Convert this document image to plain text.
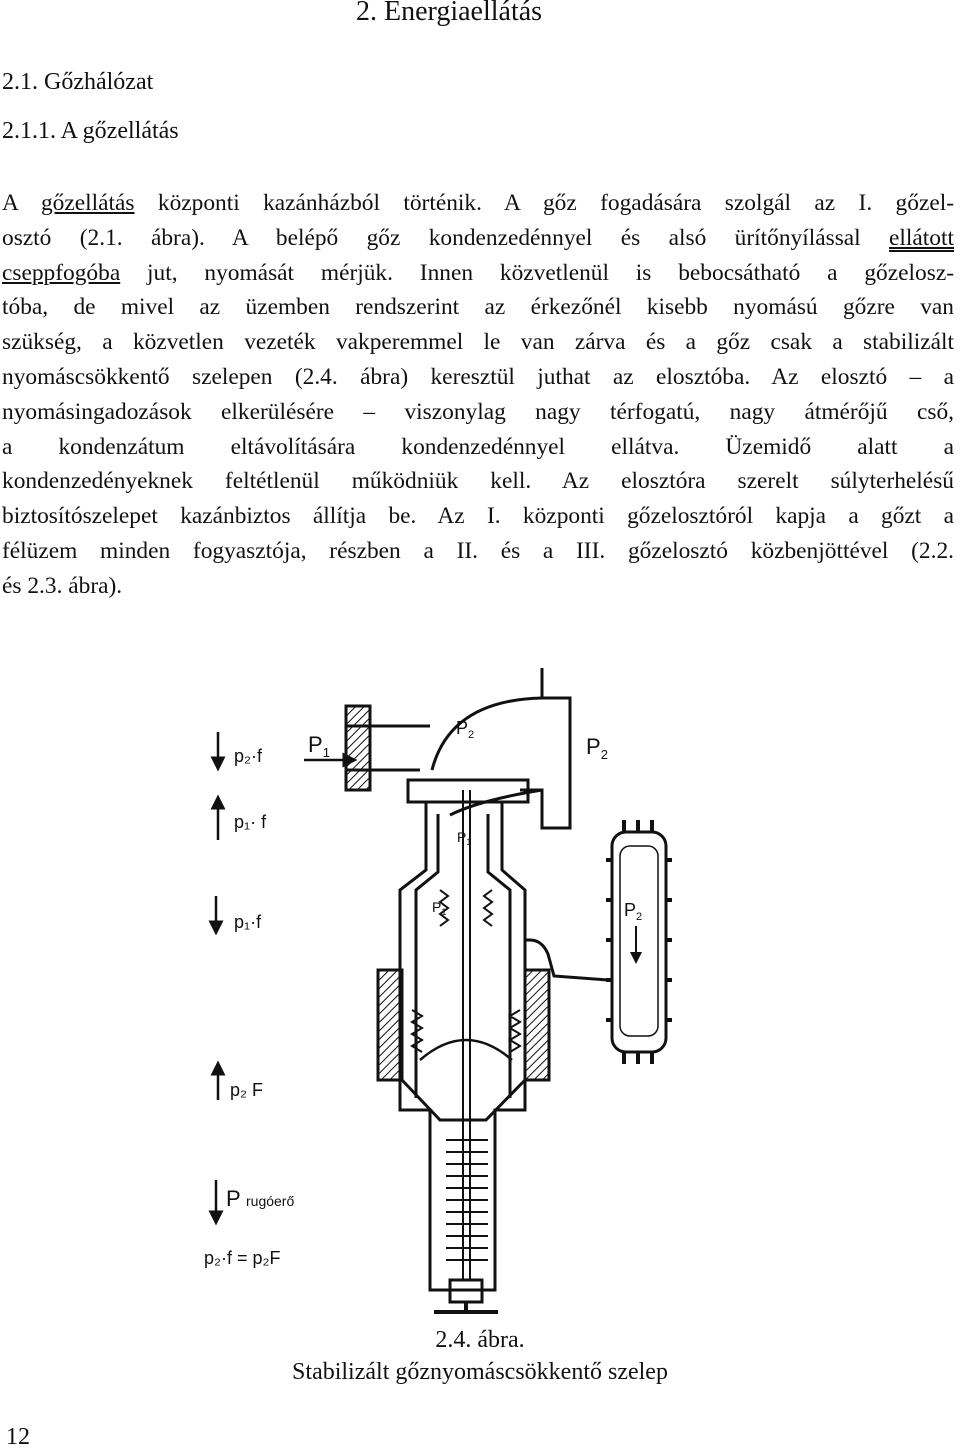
2. Energiaellátás
2.1. Gőzhálózat
2.1.1. A gőzellátás
A gőzellátás központi kazánházból történik. A gőz fogadására szolgál az I. gőzel-
osztó (2.1. ábra). A belépő gőz kondenzedénnyel és alsó ürítőnyílással ellátott
cseppfogóba jut, nyomását mérjük. Innen közvetlenül is bebocsátható a gőzelosz-
tóba, de mivel az üzemben rendszerint az érkezőnél kisebb nyomású gőzre van
szükség, a közvetlen vezeték vakperemmel le van zárva és a gőz csak a stabilizált
nyomáscsökkentő szelepen (2.4. ábra) keresztül juthat az elosztóba. Az elosztó – a
nyomásingadozások elkerülésére – viszonylag nagy térfogatú, nagy átmérőjű cső,
a kondenzátum eltávolítására kondenzedénnyel ellátva. Üzemidő alatt a
kondenzedényeknek feltétlenül működniük kell. Az elosztóra szerelt súlyterhelésű
biztosítószelepet kazánbiztos állítja be. Az I. központi gőzelosztóról kapja a gőzt a
félüzem minden fogyasztója, részben a II. és a III. gőzelosztó közbenjöttével (2.2.
és 2.3. ábra).
p₂·f
p₁· f
p₁·f
p₂ F
P rugóerő
p₂·f = p₂F
$P_1$	$P_2$
$P_2$
$P_1$
$P_1$	$P_2$

2.4. ábra.

Stabilizált gőznyomáscsökkentő szelep

12
